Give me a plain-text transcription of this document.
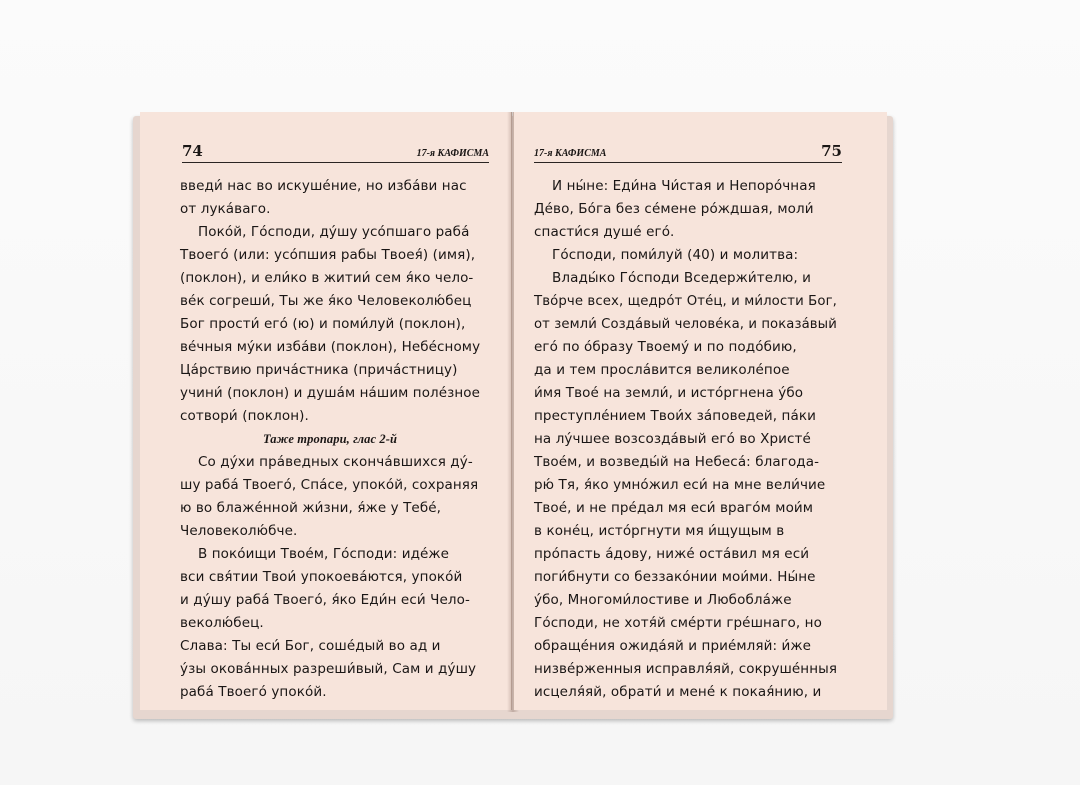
74	17-я КАФИСМА
введи́ нас во искуше́ние, но изба́ви нас
от лука́ваго.
Поко́й, Го́споди, ду́шу усо́пшаго раба́
Твоего́ (или: усо́пшия рабы Твоея́) (имя),
(поклон), и ели́ко в житии́ сем я́ко чело-
ве́к согреши́, Ты же я́ко Человеколю́бец
Бог прости́ его́ (ю) и поми́луй (поклон),
ве́чныя му́ки изба́ви (поклон), Небе́сному
Ца́рствию прича́стника (прича́стницу)
учини́ (поклон) и душа́м на́шим поле́зное
сотвори́ (поклон).
Таже тропари, глас 2-й
Со ду́хи пра́ведных сконча́вшихся ду́-
шу раба́ Твоего́, Спа́се, упоко́й, сохраняя
ю во блаже́нной жи́зни, я́же у Тебе́,
Человеколю́бче.
В поко́ищи Твое́м, Го́споди: иде́же
вси свя́тии Твои́ упокоева́ются, упоко́й
и ду́шу раба́ Твоего́, я́ко Еди́н еси́ Чело-
веколю́бец.
Слава: Ты еси́ Бог, соше́дый во ад и
у́зы окова́нных разреши́вый, Сам и ду́шу
раба́ Твоего́ упоко́й.
17-я КАФИСМА	75
И ны́не: Еди́на Чи́стая и Непоро́чная
Де́во, Бо́га без се́мене ро́ждшая, моли́
спасти́ся душе́ его́.
Го́споди, поми́луй (40) и молитва:
Влады́ко Го́споди Вседержи́телю, и
Тво́рче всех, щедро́т Оте́ц, и ми́лости Бог,
от земли́ Созда́вый челове́ка, и показа́вый
его́ по о́бразу Твоему́ и по подо́бию,
да и тем просла́вится великоле́пое
и́мя Твое́ на земли́, и исто́ргнена у́бо
преступле́нием Твои́х за́поведей, па́ки
на лу́чшее возсозда́вый его́ во Христе́
Твое́м, и возведы́й на Небеса́: благода-
рю́ Тя, я́ко умно́жил еси́ на мне вели́чие
Твое́, и не пре́дал мя еси́ враго́м мои́м
в коне́ц, исто́ргнути мя и́щущым в
про́пасть а́дову, ниже́ оста́вил мя еси́
поги́бнути со беззако́нии мои́ми. Ны́не
у́бо, Многоми́лостиве и Любобла́же
Го́споди, не хотя́й сме́рти гре́шнаго, но
обраще́ния ожида́яй и прие́мляй: и́же
низве́рженныя исправля́яй, сокруше́нныя
исцеля́яй, обрати́ и мене́ к покая́нию, и
